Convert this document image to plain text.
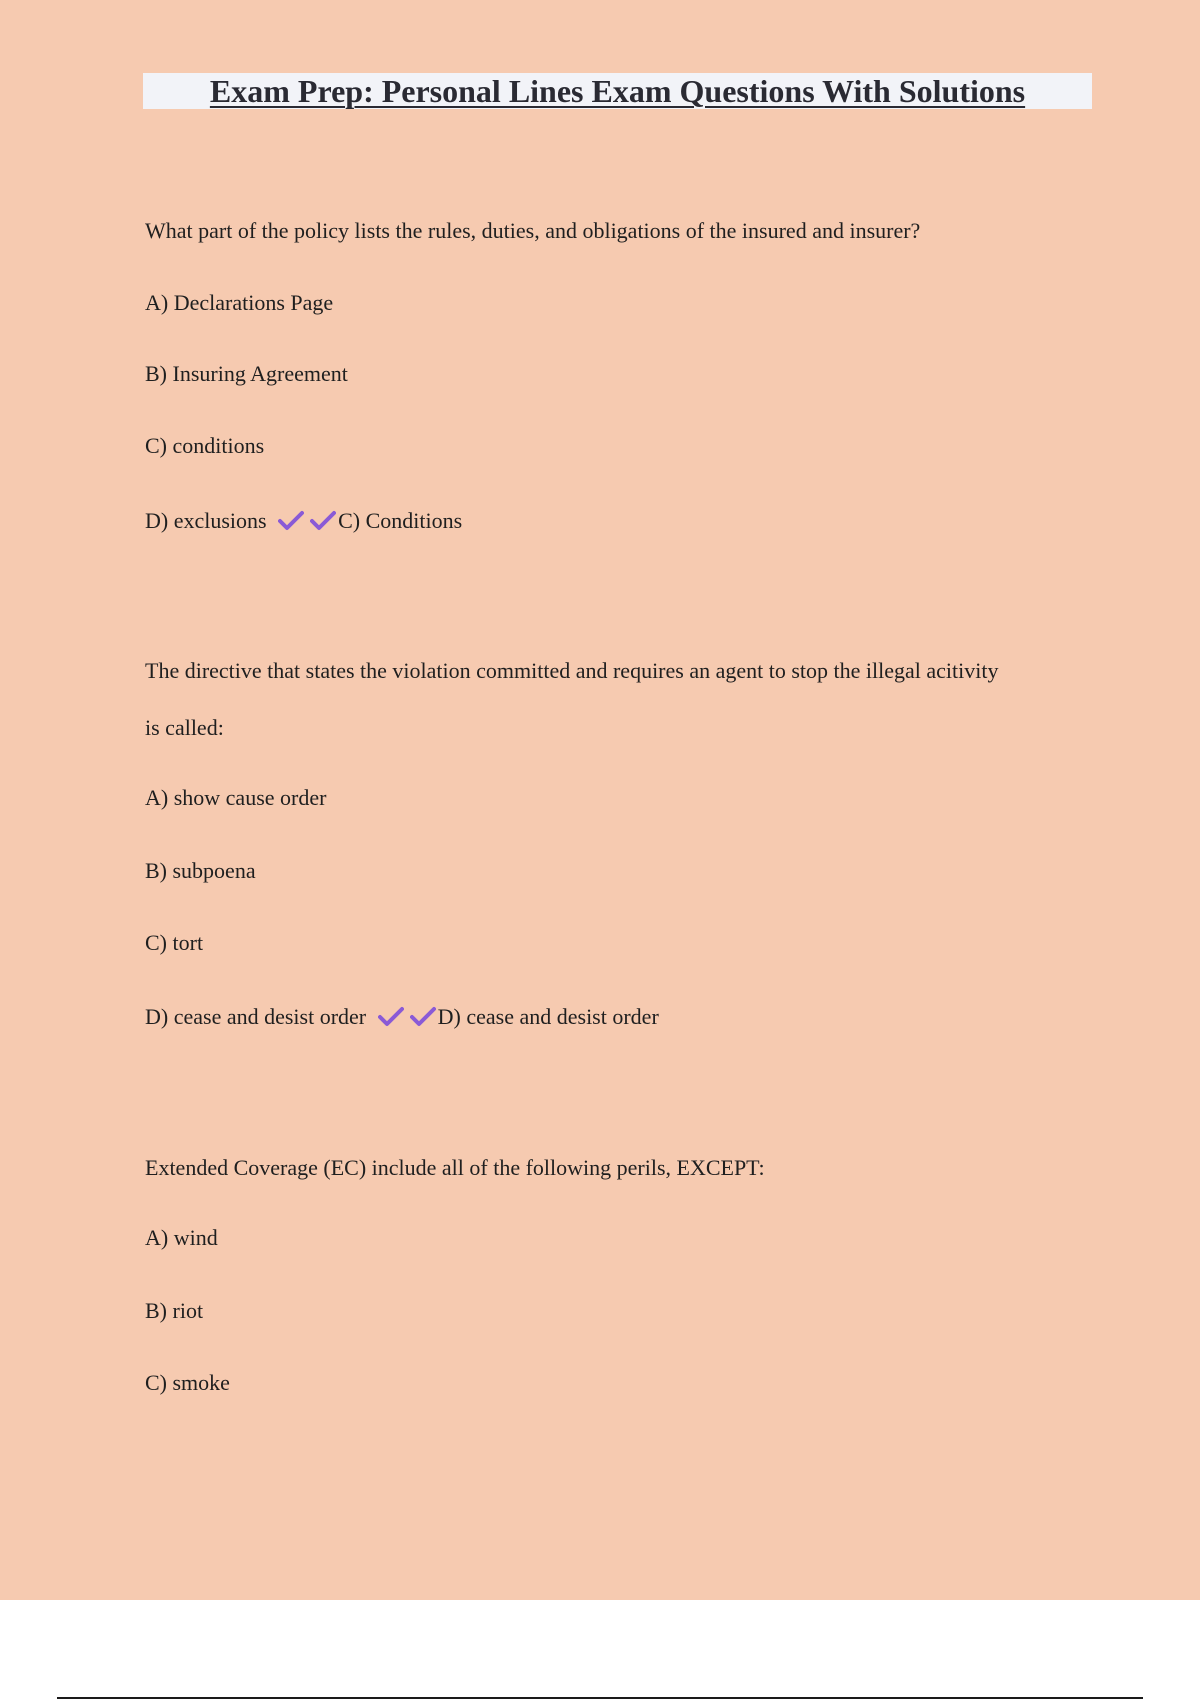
Exam Prep: Personal Lines Exam Questions With Solutions
What part of the policy lists the rules, duties, and obligations of the insured and insurer?
A) Declarations Page
B) Insuring Agreement
C) conditions
D) exclusions	C) Conditions
The directive that states the violation committed and requires an agent to stop the illegal acitivity
is called:
A) show cause order
B) subpoena
C) tort
D) cease and desist order	D) cease and desist order
Extended Coverage (EC) include all of the following perils, EXCEPT:
A) wind
B) riot
C) smoke
